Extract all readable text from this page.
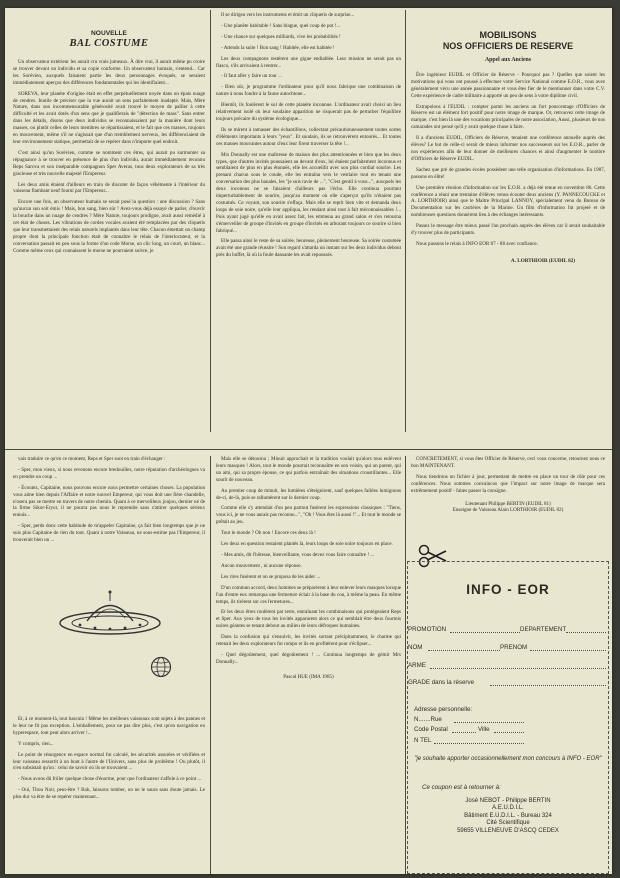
NOUVELLE
BAL COSTUME

Un observateur extérieur les aurait cru vrais jumeaux. À dire vrai, il aurait même pu croire se trouver devant un individu et sa copie conforme. Un observateur humain, s'entend... Car les Sorévien, auxquels faisaient partie les deux personnages évoqués, se seraient immédiatement aperçus des différences fondamentales qui les identifiaient...

SOREVA, leur planète d'origine était en effet perpétuellement noyée dans un épais nuage de cendres. Inutile de préciser que la vue aurait un sens parfaitement inadapté. Mais, Mère Nature, dans son incommensurable générosité avait trouvé le moyen de pallier à cette difficulté et les avait dotés d'un sens que je qualifierais de "détection de mass". Sans entrer dans les détails, disons que deux individus se reconnaissaient par la manière dont leurs masses, ou plutôt celles de leurs membres se répartissaient, et le fait que ces masses, toujours en mouvement, même s'il ne s'agissait que d'un tremblement nerveux, les différenciaient de leur environnement statique, permettait de se repérer dans n'importe quel endroit.

C'est ainsi qu'un Sorévien, comme se nomment ces êtres, qui aurait pu surmonter sa répugnance à se trouver en présence de plus d'un individu, aurait immédiatement reconnu Reps Sarova et son inséparable compagnon Sper Averas, tous deux explorateurs de sa très gracieuse et très nouvelle majesté l'Empereur.

Les deux amis étaient d'ailleurs en train de discuter de façon véhémente à l'intérieur du vaisseau flambant neuf fourni par l'Empereur...

Encore une fois, un observateur humain se serait posé la question : une discussion ? Sans qu'aucun son soit émis ! Mais, bon sang, bien sûr ! Avez-vous déjà essayé de parler, d'ouvrir la bouche dans un nuage de cendres ? Mère Nature, toujours prodigue, avait aussi remédié à cet état de choses. Les vibrations de cordes vocales avaient été remplacées par des cliquetis que leur transmettaient des relais naturels implantés dans leur tête. Chacun émettait un champ propre dont la principale fonction était de connaître le relais de l'interlocuteur, et la conversation passait en peu sous la forme d'un code Morse, un clic long, un court, un blanc... Comme même ceux qui connaissent le morse ne pourraient suivre, je

Il se dirigea vers les instruments et émit un cliquetis de surprise...

- Une planète habitable ! Sans blague, quel coup de pot !...

- Une chance sur quelques milliards, vive les probabilités !

- Attends la suite ! Bon sang ! Habitée, elle est habitée !

Les deux compagnons restèrent une gigue endiablée. Leur mission ne serait pas un fiasco, s'ils arrivaient à rentrer...

- Il faut aller y faire un tour ...

- Bien sûr, je programme l'ordinateur pour qu'il nous fabrique une combinaison de nature à nous fondre à la faune autochtone...

Bientôt, ils foulèrent le sol de cette planète inconnue. L'ordinateur avait choisi un lieu relativement isolé où leur soudaine apparition ne risquerait pas de perturber l'équilibre toujours précaire du système écologique...

Ils se mirent à ramasser des échantillons, collectant précautionneusement toutes sortes d'éléments importants à leurs "yeux". Et soudain, ils se retrouvèrent entourés... Et toutes ces masses mouvantes autour d'eux leur firent traverser la tête !...

Mrs Donnally est une maîtresse de maison des plus attentionnées et bien que les deux types, que d'autres invités poussaient au devant d'eux, lui étaient parfaitement inconnus et semblaient de plus en plus étonnés, elle les accueillit avec son plus cordial sourire. Les prenant chacun sous le coude, elle les entraîna vers le vestiaire tout en tenant une conversation des plus banales, les "je suis ravie de ...", "C'est gentil à vous...", auxquels les deux inconnus ne se faisaient d'ailleurs pas l'écho. Elle continua pourtant imperturbablement de sourire, jusqu'au moment où elle s'aperçut qu'ils n'étaient pas costumés. Ce voyant, son sourire s'effaça. Mais elle se reprit bien vite et demanda deux loups de soie noire, qu'elle leur appliqua, les rendant ainsi tout à fait méconnaissables !... Puis ayant jugé qu'elle en avait assez fait, les emmena au grand salon et s'en retourna s'émerveiller de groupe d'invités en groupe d'invités en arborant toujours ce sourire si bien fabriqué...

Elle passa ainsi le reste de sa soirée, heureuse, pleinement heureuse. Sa soirée costumée avait été une grande réussite ! Son regard s'attarda un instant sur les deux individus debout près du buffet, là où la foule dansante les avait repoussés.

MOBILISONS
NOS OFFICIERS DE RESERVE
Appel aux Anciens

Être ingénieur EUDIL et Officier de Réserve - Pourquoi pas ? Quelles que soient les motivations qui vous ont poussé à effectuer votre Service National comme E.O.R., vous avez généralement vécu une année passionnante et vous êtes fier de le mentionner dans votre C.V. Cette expérience de cadre militaire a apporté un peu de sens à votre diplôme civil.

Extrapolons à l'EUDIL : compter parmi les anciens un fort pourcentage d'Officiers de Réserve est un élément fort positif pour notre image de marque. Or, retrouvez cette image de marque, c'est bien là une des vocations principales de notre association, Aussi, plusieurs de nos camarades ont pensé qu'il y avait quelque chose à faire.

Il a d'anciens EUDIL, Officiers de Réserve, tenaient une conférence annuelle auprès des élèves? Le but de celle-ci serait de mieux informer nos successeurs sur les E.O.R., parler de nos expériences afin de leur donner de meilleures chances et ainsi d'augmenter le nombre d'Officiers de Réserve EUDIL.

Sachez que pré de grandes écoles possèdent une telle organisation d'informations. En 1987, passons en élite!

Une première réunion d'information sur les E.O.R. a déjà été tenue en novembre 86. Cette conférence a réuni une trentaine d'élèves venus écouter deux anciens (Y. PANNECOUCKE et A. LORTHIOIR) ainsi que le Maître Principal LANNOY, spécialement venu du Bureau de Documentation sur les carrières de la Marine. Un film d'information fut projeté et de nombreuses questions donnèrent lieu à des échanges intéressants.

Passez le message être mieux passé l'an prochain auprès des élèves car il serait souhaitable d'y trouver plus de participants.

Nous passons le relais à INFO EOR 87 - 88 avec confiance.

A. LORTHIOIR (EUDIL 82)

vais traduire ce qu'en ce moment, Reps et Sper sont en train d'échanger :

- Sper, mon vieux, si nous revenons encore bredouilles, notre réputation d'archéologues va en prendre un coup ...

- Écoutez, Capitaine, nous pouvons encore nous permettre certaines choses. La population vous aime bien depuis l'Affaire et notre nouvel Empereur, qui vous doit une fière chandelle, n'osera pas se mettre en travers de notre chemin. Quant à ce merveilleux joujou, dernier né de la firme Sikor-Eryor, il ne pourra pas nous le reprendre sans s'attirer quelques sérieux ennuis...

- Sper, perds donc cette habitude de m'appeler Capitaine, ça fait bien longtemps que je ne suis plus Capitaine de rien du tout. Quant à notre Vaisseau, ne sous-estime pas l'Empereur, il trouverait bien un ...

Et, à ce moment-là, tout bascula ! Même les meilleurs vaisseaux sont sujets à des pannes et le leur ne fit pas exception. L'emballement, pour ne pas dire plus, c'est qu'en navigation en hyperespace, tout peut alors arriver !...

Y compris, rien...

Le point de résurgence en espace normal fut calculé, les sécurités assurées et vérifiées et leur vaisseau ressortit à un bout à l'autre de l'Univers, sans plus de problème ! Ou plutôt, il n'en subsistait qu'un : celui de savoir où ils se trouvaient ...

- Nous avons dû frôler quelque chose d'énorme, pour que l'ordinateur s'affole à ce point ...

- Oui, Titou Noir, peut-être ? Bah, laissons tomber, on ne le saura sans doute jamais. Le plus dur va être de se repérer maintenant...

Mais elle se détourna ; Minuit approchait et la tradition voulait qu'alors tous enlèvent leurs masques ! Alors, tout le monde pourrait reconnaître en son voisin, qui un parent, qui un ami, qui sa propre épouse, ce qui parfois entraînait des situations croustillantes... Elle sourit de nouveau.

Au premier coup de minuit, les lumières s'éteignirent, sauf quelques faibles lumignons de-ci, de-là, puis se rallumèrent sur le dernier coup.

Comme elle s'y attendait d'un peu partout fusèrent les expressions classiques : "Tiens, vous ici, je ne vous aurais pas reconnu...", "Oh ! Vous êtes là aussi !"... Et tout le monde se prêtait au jeu.

Tout le monde ? Oh non ! Encore ces deux là !

Les deux en question restaient plantés là, leurs loups de soie noire toujours en place.

- Mes amis, dit l'hôtesse, bienveillante, vous devez vous faire connaître ! ...

Aucun mouvement , ni aucune réponse.

Les rires fusèrent et on se proposa de les aider ...

D'un commun accord, deux hommes se préparèrent à leur enlever leurs masques lorsque l'un d'entre eux remarqua une fermeture éclair à la base du cou, à même la peau. En même temps, ils tirèrent sur ces fermetures...

Et les deux êtres roulèrent par terre, entraînant les combinaisons qui protégeaient Reps et Sper. Aux yeux de tous les invités apparurent alors ce qui semblait être deux fourmis noires géantes se tenant debout au milieu de leurs défroques humaines.

Dans la confusion qui s'ensuivit, les invités sortant précipitamment, le charme qui retenait les deux explorateurs fut rompu et ils en profitèrent pour s'éclipser...

- Quel dégoûtement, quel dégoûtement ! ... Continua longtemps de gémir Mrs Donnally...

Pascal HUE (IMA 1985)

CONCRÈTEMENT, si vous êtes Officier de Réserve, ceci vous concerne, retournez nous ce bon MAINTENANT.

Nous tiendrons un fichier à jour, permettant de mettre en place un tour de rôle pour ces conférences. Nous sommes convaincus que l'impact sur notre image de marque sera extrêmement positif - faites passer la consigne.

Lieutenant Philippe BERTIN (EUDIL 81)
Enseigne de Vaisseau Alain LORTHIOIR (EUDIL 82)
INFO - EOR
PROMOTION	DEPARTEMENT
NOM	PRENOM
ARME
GRADE dans la réserve
Adresse personnelle:
N.......Rue
Code Postal	Ville
N TEL
"je souhaite apporter occasionnellement mon concours à INFO - EOR"
Ce coupon est à retourner à:
José NEBOT - Philippe BERTIN
A.E.U.D.I.L.
Bâtiment E.U.D.I.L. - Bureau 324
Cité Scientifique
59655 VILLENEUVE D'ASCQ CEDEX
